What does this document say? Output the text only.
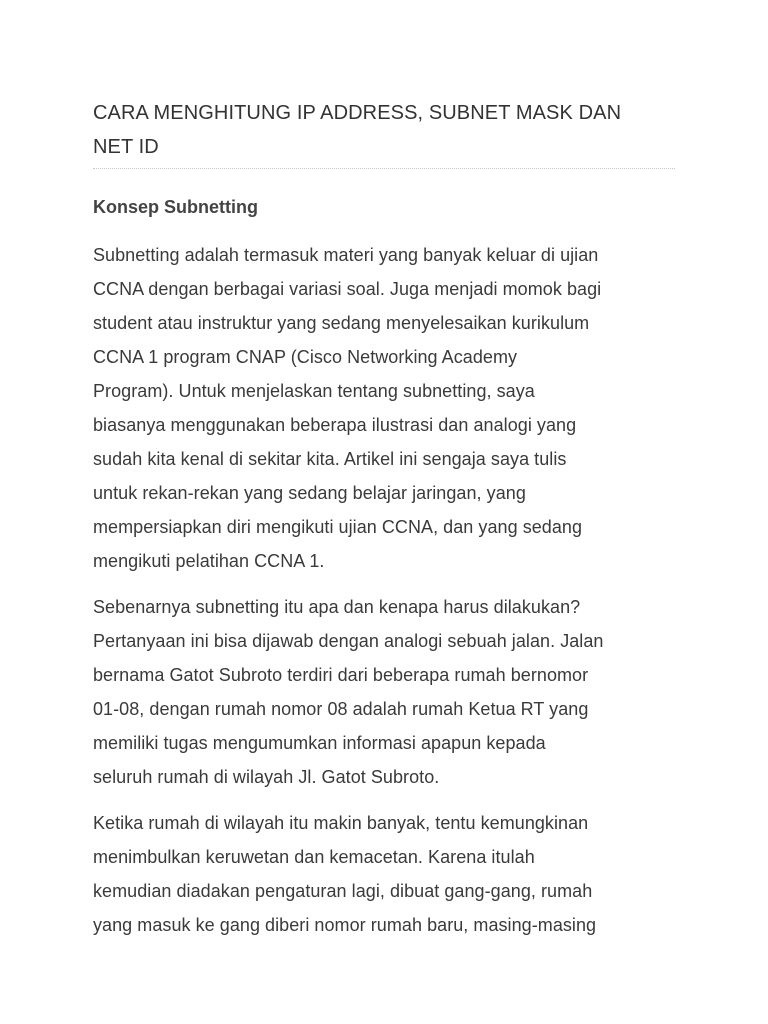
CARA MENGHITUNG IP ADDRESS, SUBNET MASK DAN
NET ID
Konsep Subnetting

Subnetting adalah termasuk materi yang banyak keluar di ujian
CCNA dengan berbagai variasi soal. Juga menjadi momok bagi
student atau instruktur yang sedang menyelesaikan kurikulum
CCNA 1 program CNAP (Cisco Networking Academy
Program). Untuk menjelaskan tentang subnetting, saya
biasanya menggunakan beberapa ilustrasi dan analogi yang
sudah kita kenal di sekitar kita. Artikel ini sengaja saya tulis
untuk rekan-rekan yang sedang belajar jaringan, yang
mempersiapkan diri mengikuti ujian CCNA, dan yang sedang
mengikuti pelatihan CCNA 1.

Sebenarnya subnetting itu apa dan kenapa harus dilakukan?
Pertanyaan ini bisa dijawab dengan analogi sebuah jalan. Jalan
bernama Gatot Subroto terdiri dari beberapa rumah bernomor
01-08, dengan rumah nomor 08 adalah rumah Ketua RT yang
memiliki tugas mengumumkan informasi apapun kepada
seluruh rumah di wilayah Jl. Gatot Subroto.

Ketika rumah di wilayah itu makin banyak, tentu kemungkinan
menimbulkan keruwetan dan kemacetan. Karena itulah
kemudian diadakan pengaturan lagi, dibuat gang-gang, rumah
yang masuk ke gang diberi nomor rumah baru, masing-masing
